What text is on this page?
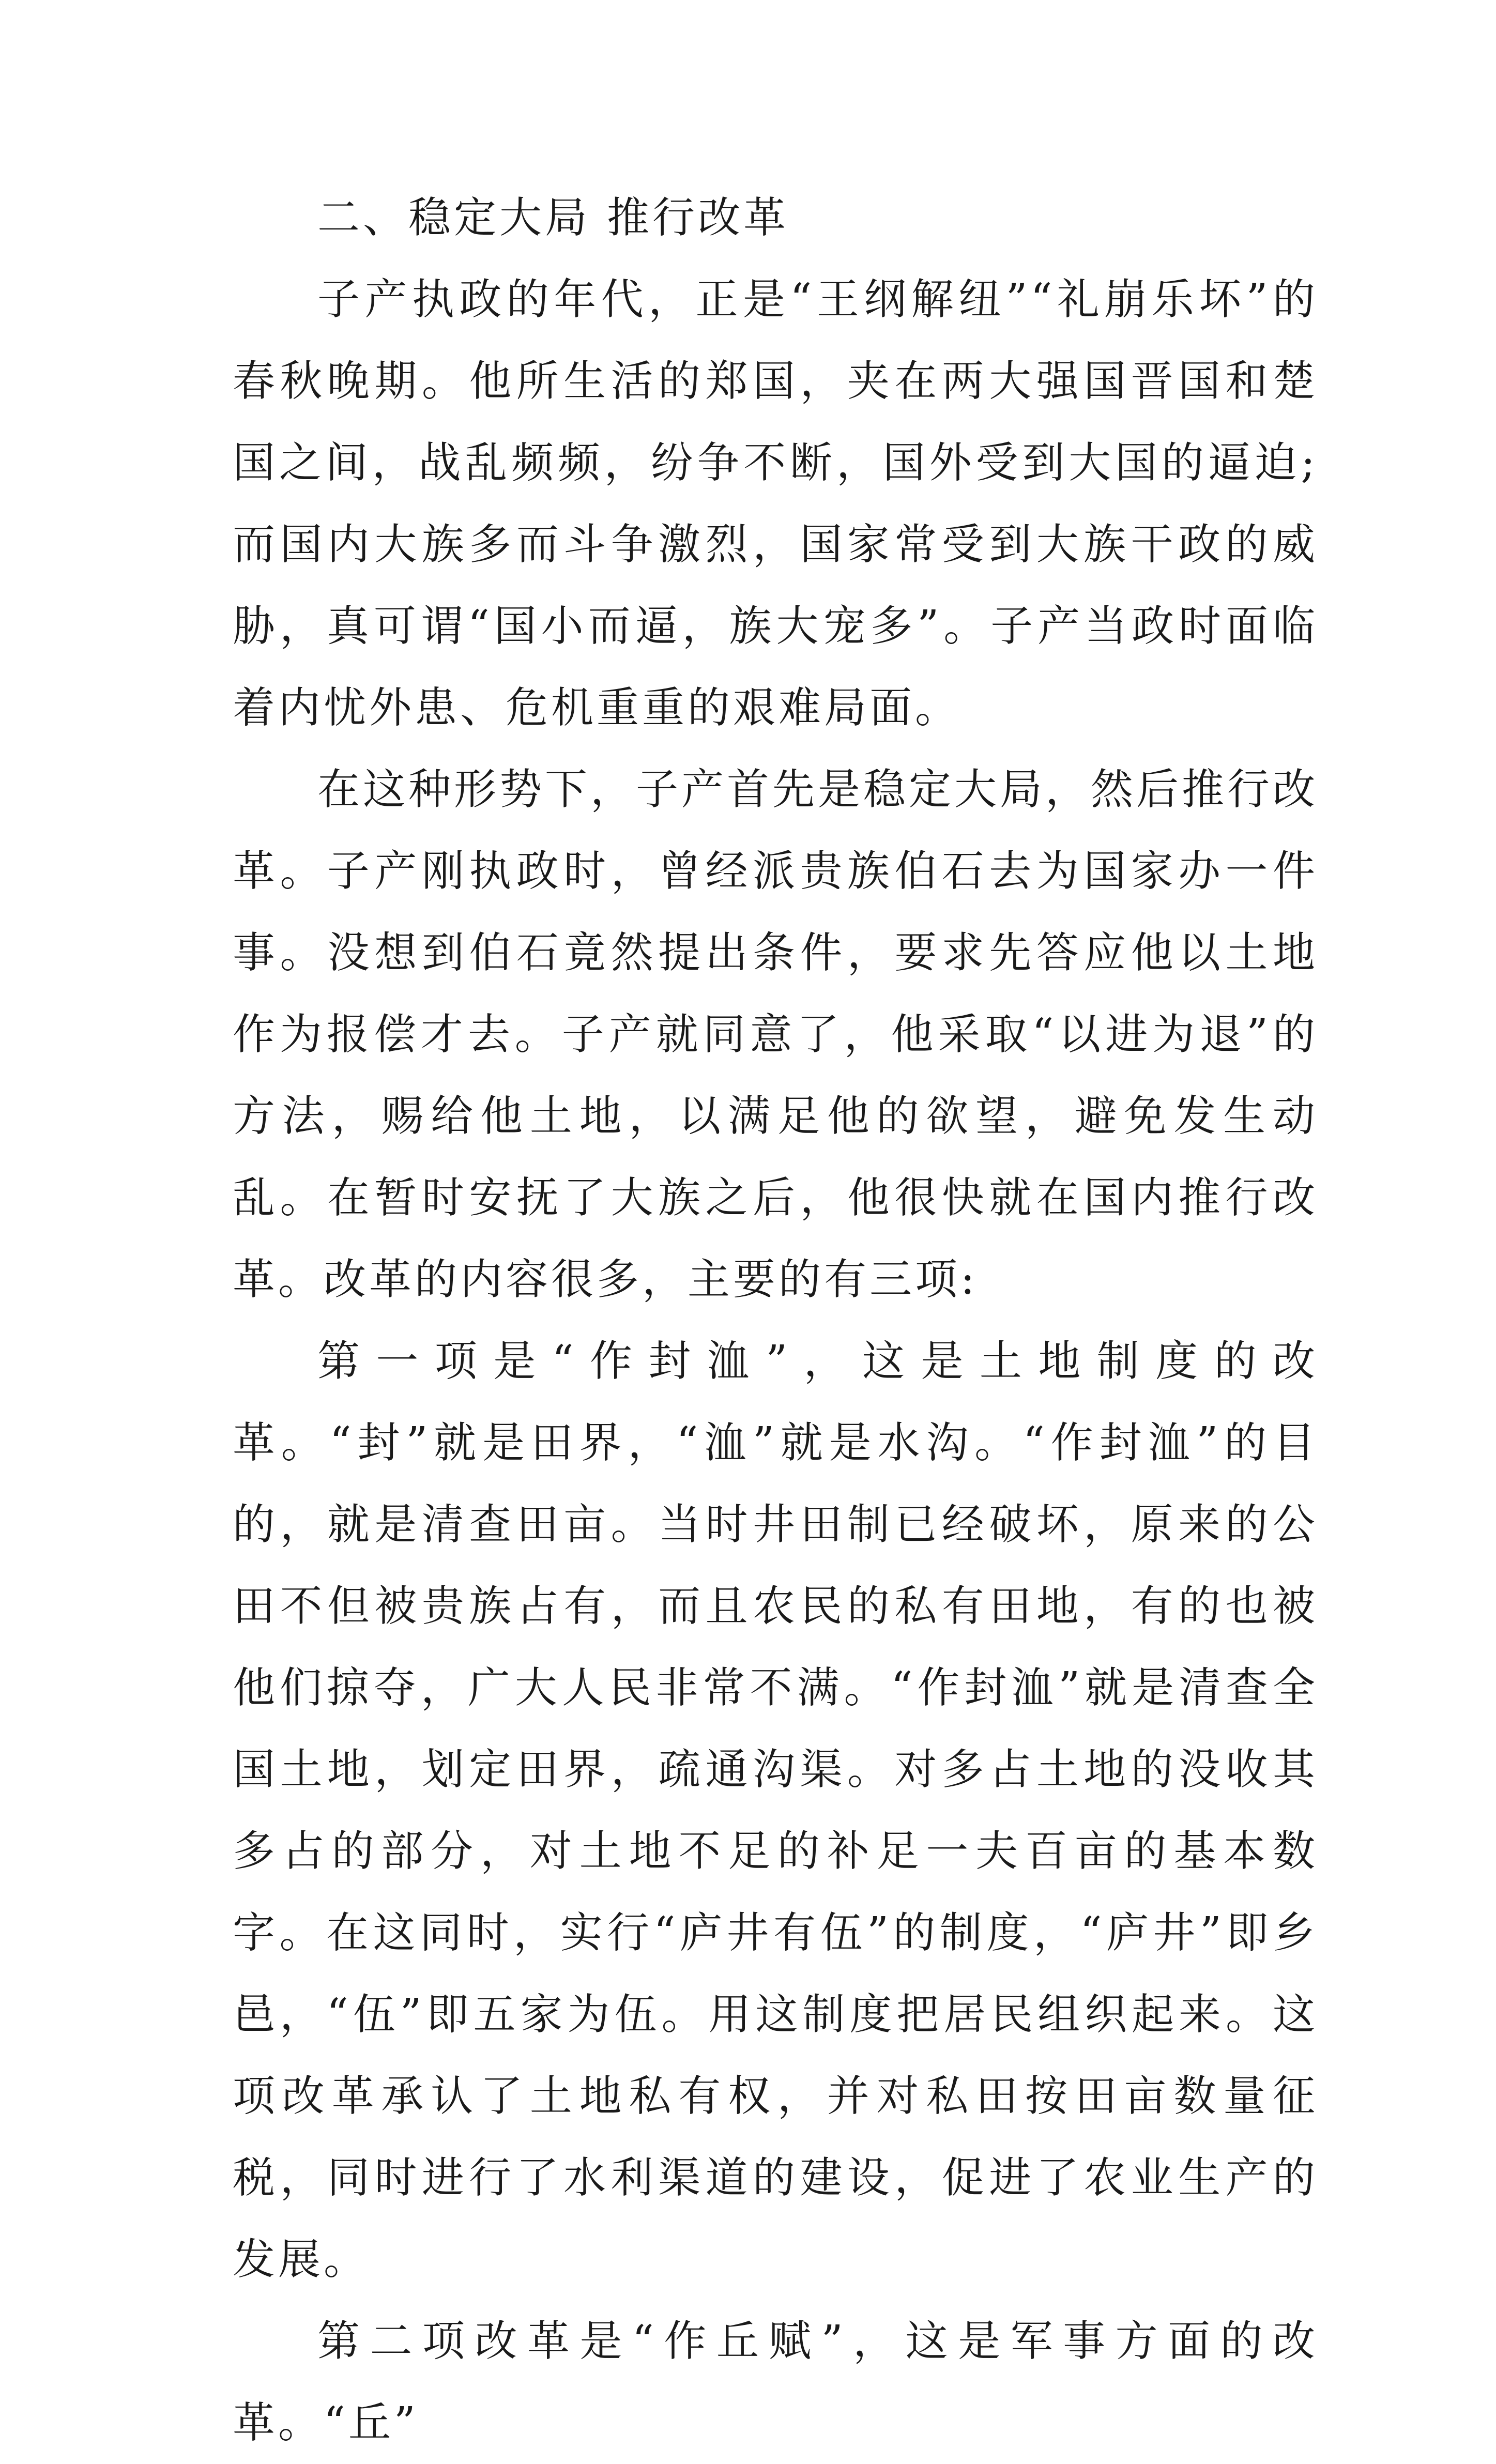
二、稳定大局 推行改革

子产执政的年代，正是“王纲解纽”“礼崩乐坏”的春秋晚期。他所生活的郑国，夹在两大强国晋国和楚国之间，战乱频频，纷争不断，国外受到大国的逼迫;而国内大族多而斗争激烈，国家常受到大族干政的威胁，真可谓“国小而逼，族大宠多”。子产当政时面临着内忧外患、危机重重的艰难局面。

在这种形势下，子产首先是稳定大局，然后推行改革。子产刚执政时，曾经派贵族伯石去为国家办一件事。没想到伯石竟然提出条件，要求先答应他以土地作为报偿才去。子产就同意了，他采取“以进为退”的方法，赐给他土地，以满足他的欲望，避免发生动乱。在暂时安抚了大族之后，他很快就在国内推行改革。改革的内容很多，主要的有三项:

第一项是“作封洫”，这是土地制度的改革。“封”就是田界，“洫”就是水沟。“作封洫”的目的，就是清查田亩。当时井田制已经破坏，原来的公田不但被贵族占有，而且农民的私有田地，有的也被他们掠夺，广大人民非常不满。“作封洫”就是清查全国土地，划定田界，疏通沟渠。对多占土地的没收其多占的部分，对土地不足的补足一夫百亩的基本数字。在这同时，实行“庐井有伍”的制度，“庐井”即乡邑，“伍”即五家为伍。用这制度把居民组织起来。这项改革承认了土地私有权，并对私田按田亩数量征税，同时进行了水利渠道的建设，促进了农业生产的发展。

第二项改革是“作丘赋”，这是军事方面的改革。“丘”
